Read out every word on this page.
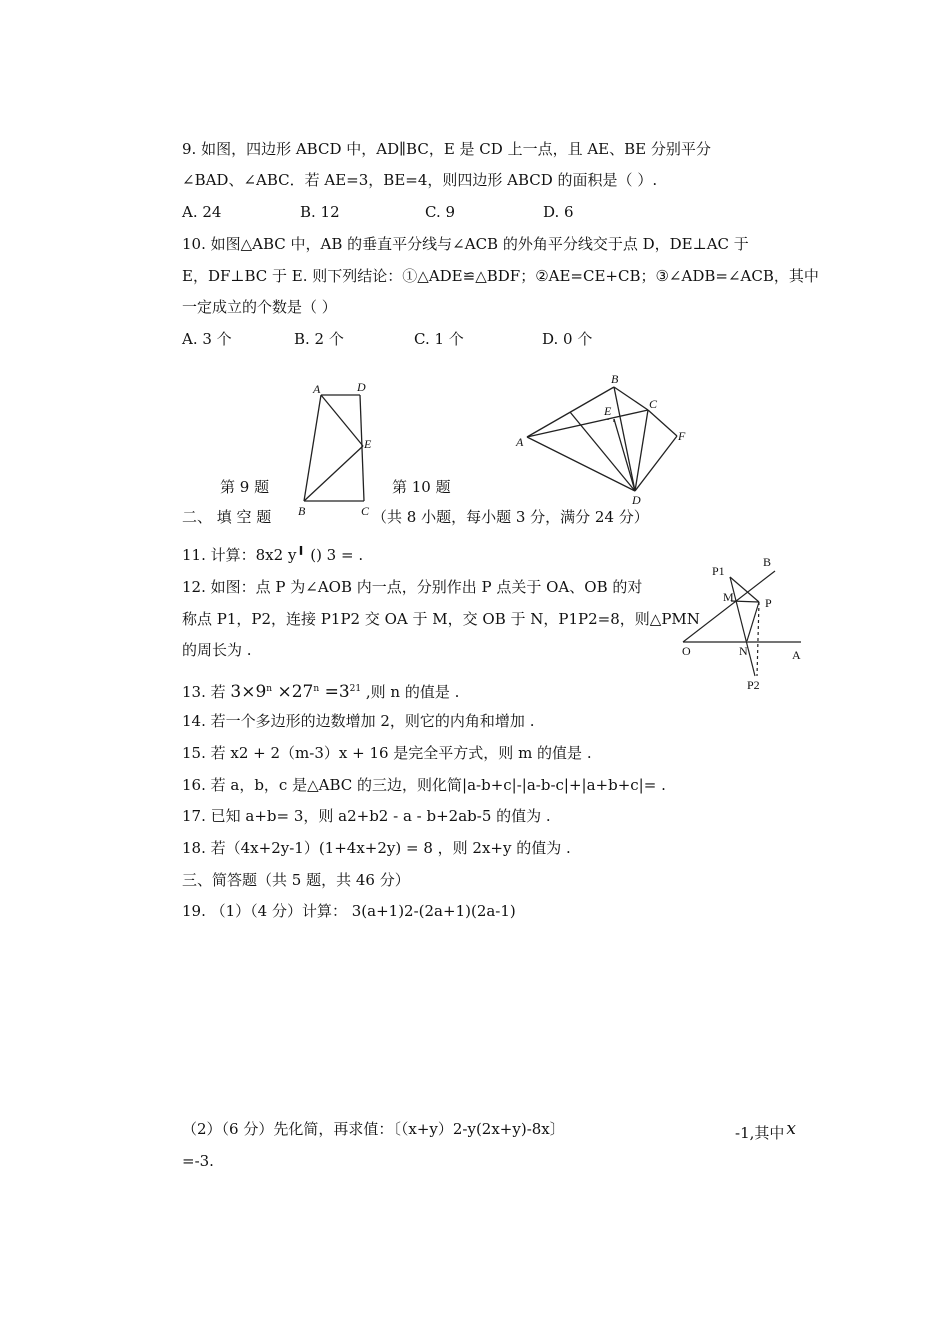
9. 如图，四边形 ABCD 中，AD∥BC，E 是 CD 上一点，且 AE、BE 分别平分
∠BAD、∠ABC．若 AE=3，BE=4，则四边形 ABCD 的面积是（ ）.
A. 24	B. 12	C. 9	D. 6
10. 如图△ABC 中，AB 的垂直平分线与∠ACB 的外角平分线交于点 D，DE⊥AC 于
E，DF⊥BC 于 E. 则下列结论：①△ADE≌△BDF；②AE=CE+CB；③∠ADB=∠ACB，其中
一定成立的个数是（ ）
A. 3 个	B. 2 个	C. 1 个	D. 0 个
A	D
E
B	C
B
E	C
A	F
D
第 9 题	第 10 题
二、 填 空 题	（共 8 小题，每小题 3 分，满分 24 分）
11. 计算：8x2 y╹ () 3 = .
12. 如图：点 P 为∠AOB 内一点，分别作出 P 点关于 OA、OB 的对
称点 P1，P2，连接 P1P2 交 OA 于 M，交 OB 于 N，P1P2=8，则△PMN
的周长为 .
P1
B
M	P
O	N	A
P2
13. 若 $3\times 9^n \times 27^n =3^{21}$ ,则 n 的值是 .
14. 若一个多边形的边数增加 2，则它的内角和增加 .
15. 若 x2 + 2（m-3）x + 16 是完全平方式，则 m 的值是 .
16. 若 a，b，c 是△ABC 的三边，则化简|a-b+c|-|a-b-c|+|a+b+c|= .
17. 已知 a+b= 3，则 a2+b2 - a - b+2ab-5 的值为 .
18. 若（4x+2y-1）(1+4x+2y) = 8 ，则 2x+y 的值为 .
三、简答题（共 5 题，共 46 分）
19. （1）（4 分）计算： 3(a+1)2-(2a+1)(2a-1)
（2）（6 分）先化简，再求值：〔（x+y）2-y(2x+y)-8x〕	-1,其中 x
=-3.
